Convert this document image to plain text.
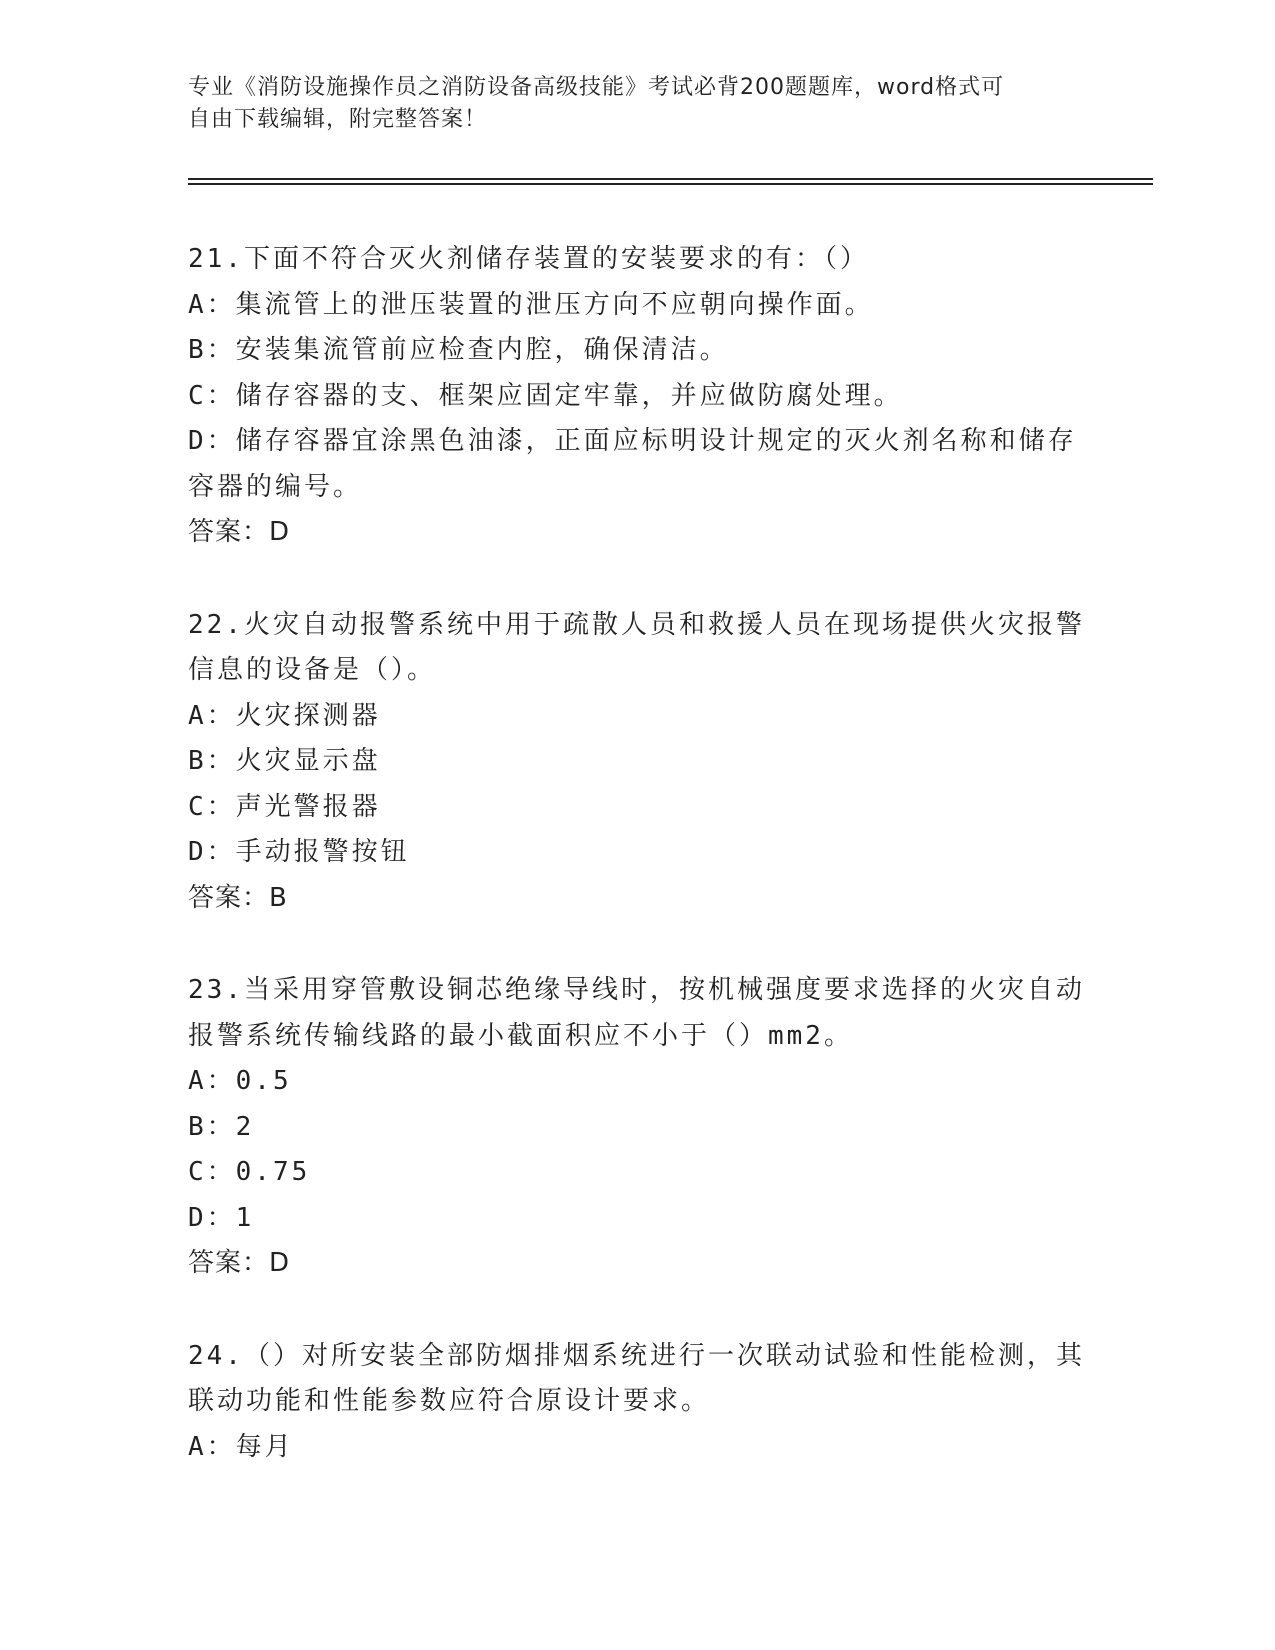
专业《消防设施操作员之消防设备高级技能》考试必背200题题库，word格式可
自由下载编辑，附完整答案！
21.下面不符合灭火剂储存装置的安装要求的有：（）
A：集流管上的泄压装置的泄压方向不应朝向操作面。
B：安装集流管前应检查内腔，确保清洁。
C：储存容器的支、框架应固定牢靠，并应做防腐处理。
D：储存容器宜涂黑色油漆，正面应标明设计规定的灭火剂名称和储存
容器的编号。
答案：D
22.火灾自动报警系统中用于疏散人员和救援人员在现场提供火灾报警
信息的设备是（）。
A：火灾探测器
B：火灾显示盘
C：声光警报器
D：手动报警按钮
答案：B
23.当采用穿管敷设铜芯绝缘导线时，按机械强度要求选择的火灾自动
报警系统传输线路的最小截面积应不小于（）mm2。
A：0.5
B：2
C：0.75
D：1
答案：D
24.（）对所安装全部防烟排烟系统进行一次联动试验和性能检测，其
联动功能和性能参数应符合原设计要求。
A：每月
